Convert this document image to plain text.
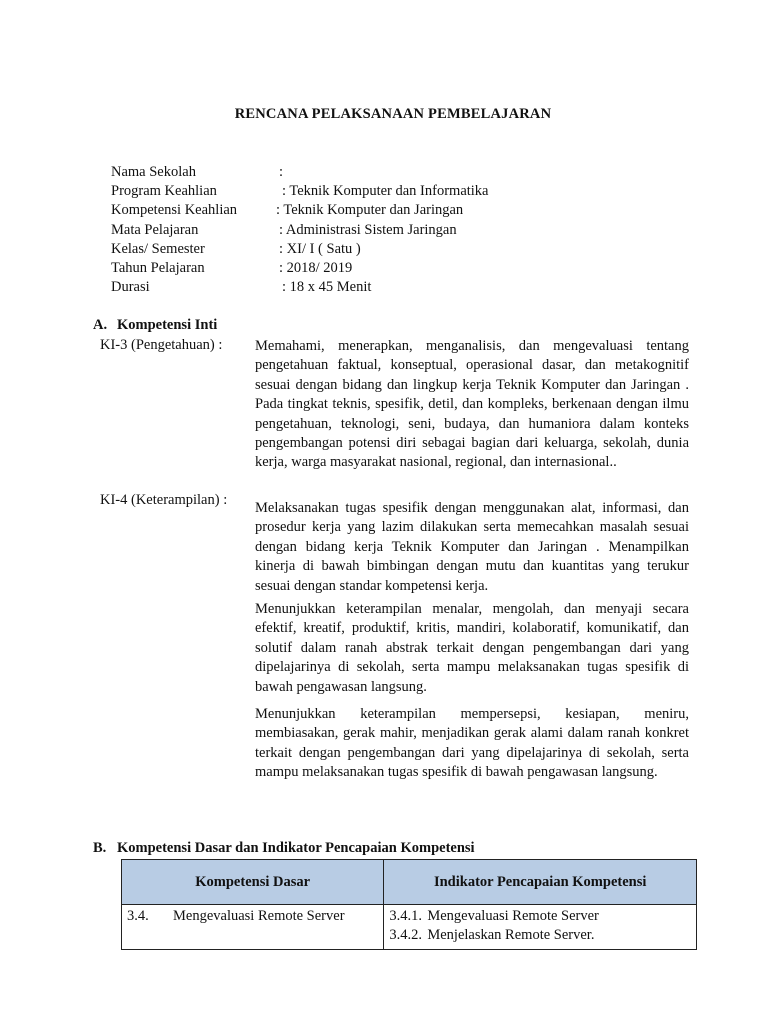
RENCANA PELAKSANAAN PEMBELAJARAN
Nama Sekolah	:
Program Keahlian	: Teknik Komputer dan Informatika
Kompetensi Keahlian	: Teknik Komputer dan Jaringan
Mata Pelajaran	: Administrasi Sistem Jaringan
Kelas/ Semester	: XI/ I ( Satu )
Tahun Pelajaran	: 2018/ 2019
Durasi	: 18 x 45 Menit
A. Kompetensi Inti
KI-3 (Pengetahuan) : Memahami, menerapkan, menganalisis, dan mengevaluasi tentang pengetahuan faktual, konseptual, operasional dasar, dan metakognitif sesuai dengan bidang dan lingkup kerja Teknik Komputer dan Jaringan . Pada tingkat teknis, spesifik, detil, dan kompleks, berkenaan dengan ilmu pengetahuan, teknologi, seni, budaya, dan humaniora dalam konteks pengembangan potensi diri sebagai bagian dari keluarga, sekolah, dunia kerja, warga masyarakat nasional, regional, dan internasional..
KI-4 (Keterampilan) : Melaksanakan tugas spesifik dengan menggunakan alat, informasi, dan prosedur kerja yang lazim dilakukan serta memecahkan masalah sesuai dengan bidang kerja Teknik Komputer dan Jaringan . Menampilkan kinerja di bawah bimbingan dengan mutu dan kuantitas yang terukur sesuai dengan standar kompetensi kerja.
Menunjukkan keterampilan menalar, mengolah, dan menyaji secara efektif, kreatif, produktif, kritis, mandiri, kolaboratif, komunikatif, dan solutif dalam ranah abstrak terkait dengan pengembangan dari yang dipelajarinya di sekolah, serta mampu melaksanakan tugas spesifik di bawah pengawasan langsung.
Menunjukkan keterampilan mempersepsi, kesiapan, meniru, membiasakan, gerak mahir, menjadikan gerak alami dalam ranah konkret terkait dengan pengembangan dari yang dipelajarinya di sekolah, serta mampu melaksanakan tugas spesifik di bawah pengawasan langsung.
B. Kompetensi Dasar dan Indikator Pencapaian Kompetensi
Kompetensi Dasar	Indikator Pencapaian Kompetensi
3.4. Mengevaluasi Remote Server	3.4.1. Mengevaluasi Remote Server
3.4.2. Menjelaskan Remote Server.
